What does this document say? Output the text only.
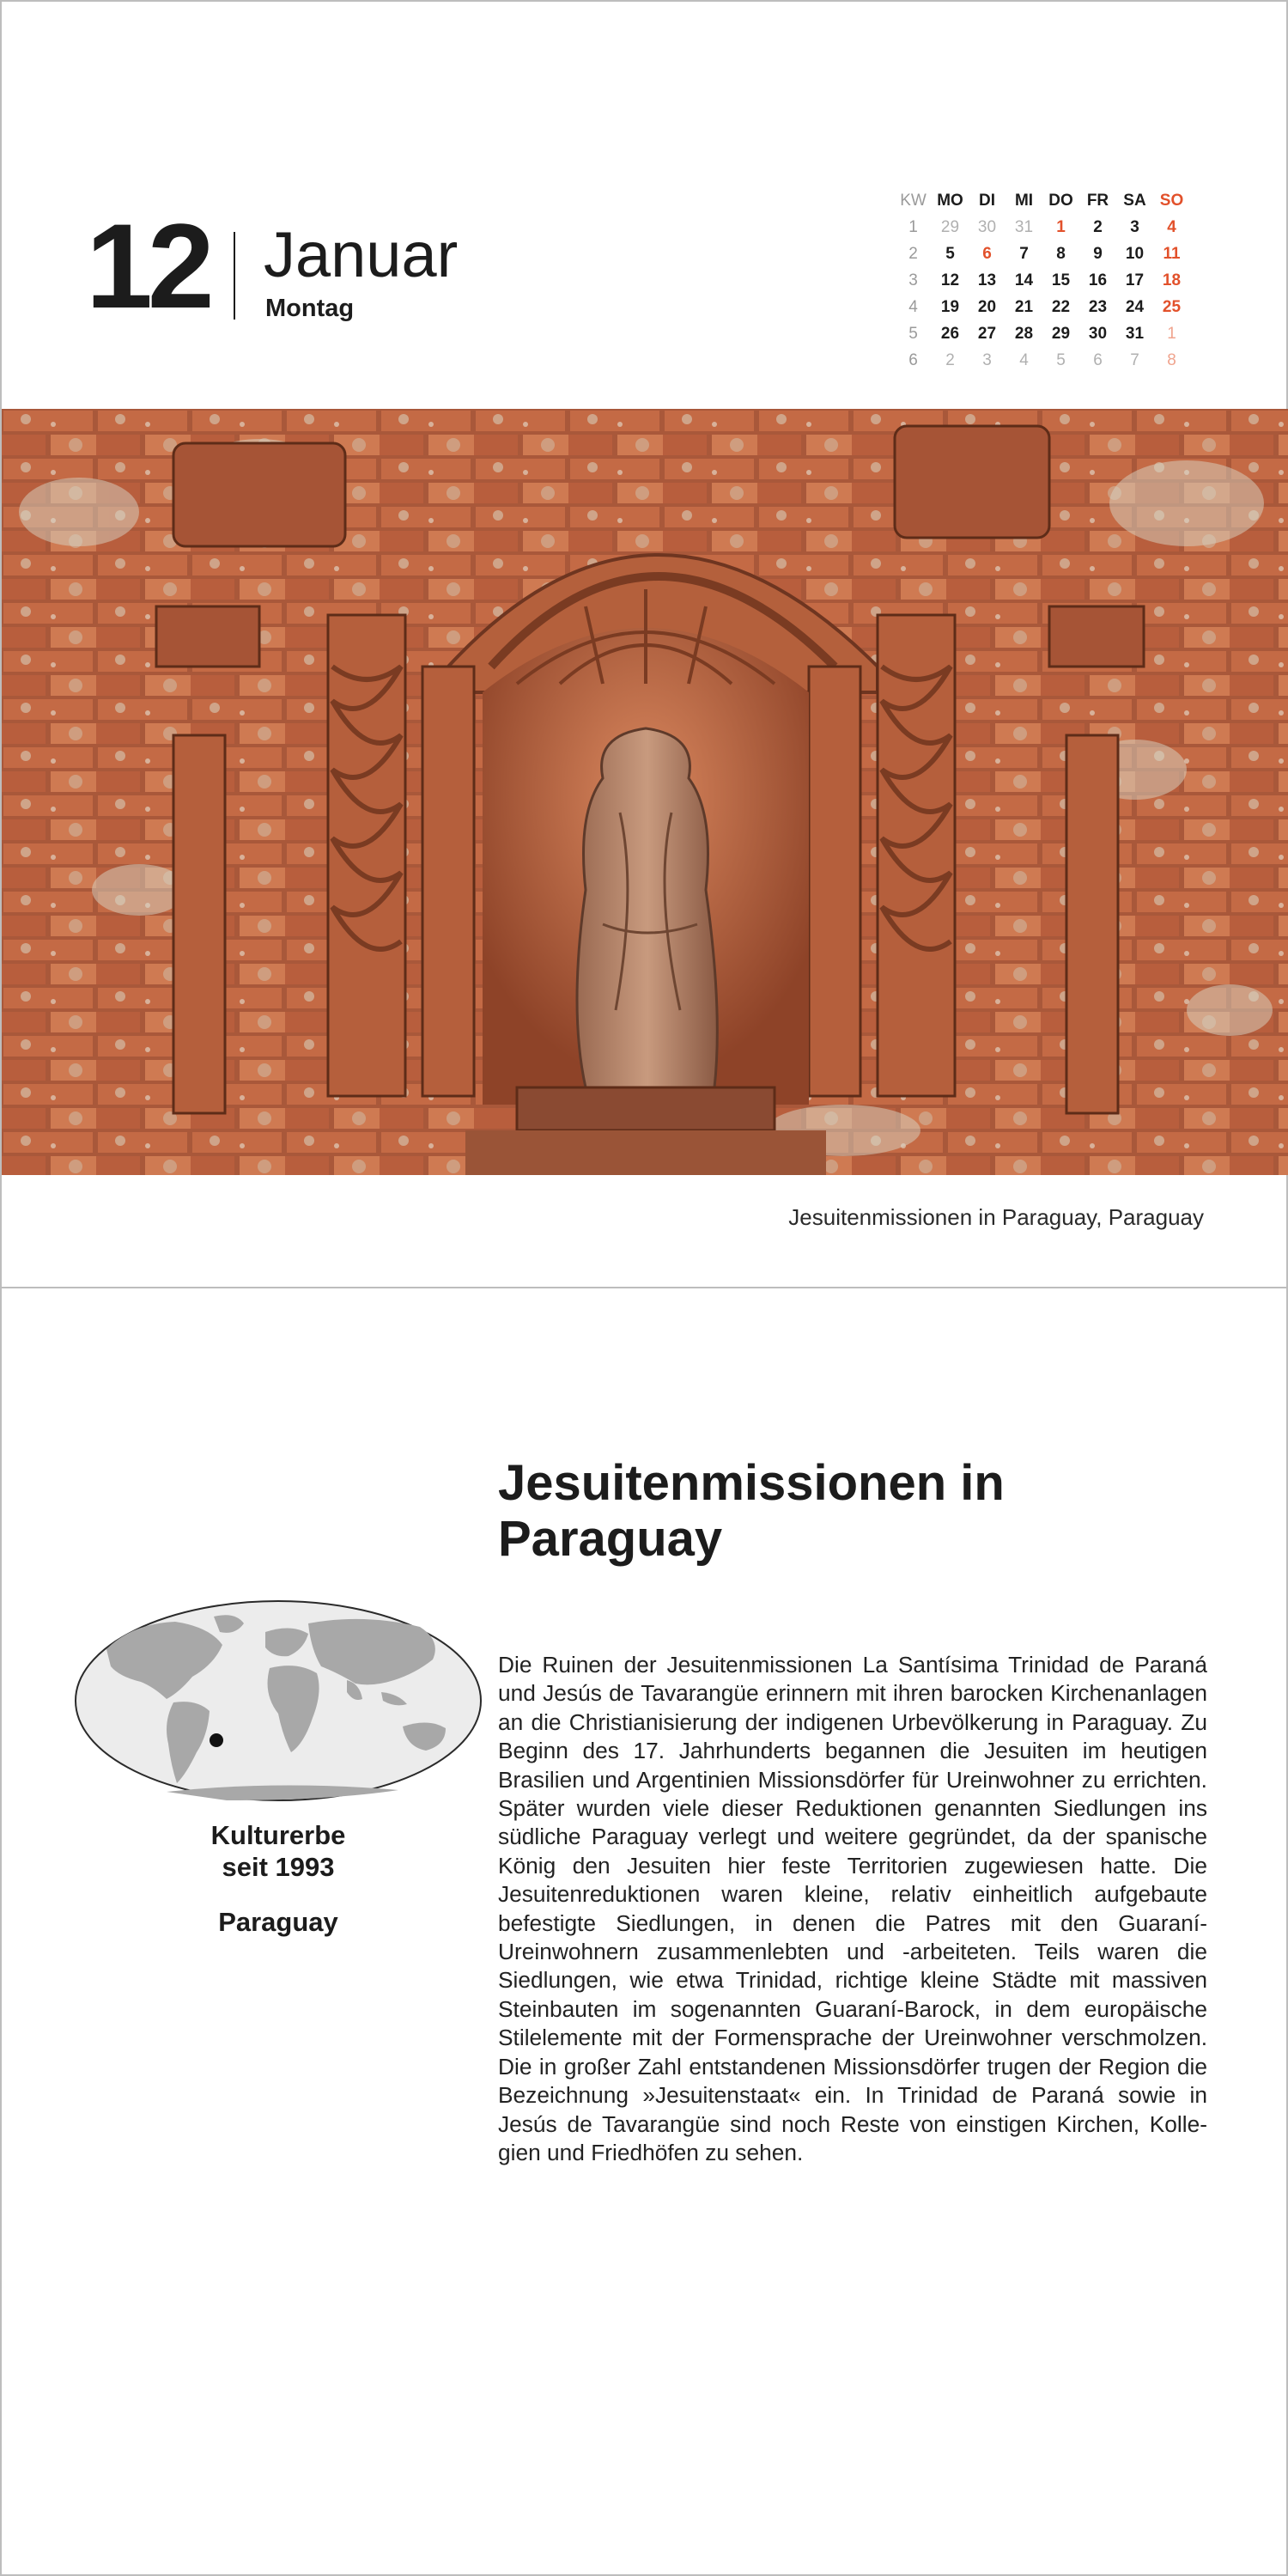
12 Januar
Montag
KW	MO	DI	MI	DO	FR	SA	SO
1	29	30	31	1	2	3	4
2	5	6	7	8	9	10	11
3	12	13	14	15	16	17	18
4	19	20	21	22	23	24	25
5	26	27	28	29	30	31	1
6	2	3	4	5	6	7	8
Jesuitenmissionen in Paraguay, Paraguay
Jesuitenmissionen in Paraguay
Kulturerbe
seit 1993
Paraguay
Die Ruinen der Jesuitenmissionen La Santísima Trinidad de Paraná und Jesús de Tavarangüe erinnern mit ihren barocken Kirchenanlagen an die Christianisierung der indigenen Urbevölkerung in Paraguay. Zu Beginn des 17. Jahrhunderts begannen die Jesuiten im heutigen Brasilien und Argentinien Missionsdörfer für Ureinwohner zu errichten. Später wurden viele dieser Reduktionen genannten Siedlungen ins südliche Paraguay verlegt und weitere gegründet, da der spanische König den Jesuiten hier feste Territorien zugewiesen hatte. Die Jesuitenreduktionen waren kleine, relativ einheitlich aufgebaute befestigte Siedlungen, in denen die Patres mit den Guaraní-Ureinwohnern zusammenlebten und -arbeiteten. Teils waren die Siedlungen, wie etwa Trinidad, richtige kleine Städte mit massiven Steinbauten im sogenannten Guaraní-Barock, in dem europäische Stilelemente mit der Formensprache der Ureinwohner verschmolzen. Die in großer Zahl entstandenen Missionsdörfer trugen der Region die Bezeichnung »Jesuitenstaat« ein. In Trinidad de Paraná sowie in Jesús de Tavarangüe sind noch Reste von einstigen Kirchen, Kollegien und Friedhöfen zu sehen.
